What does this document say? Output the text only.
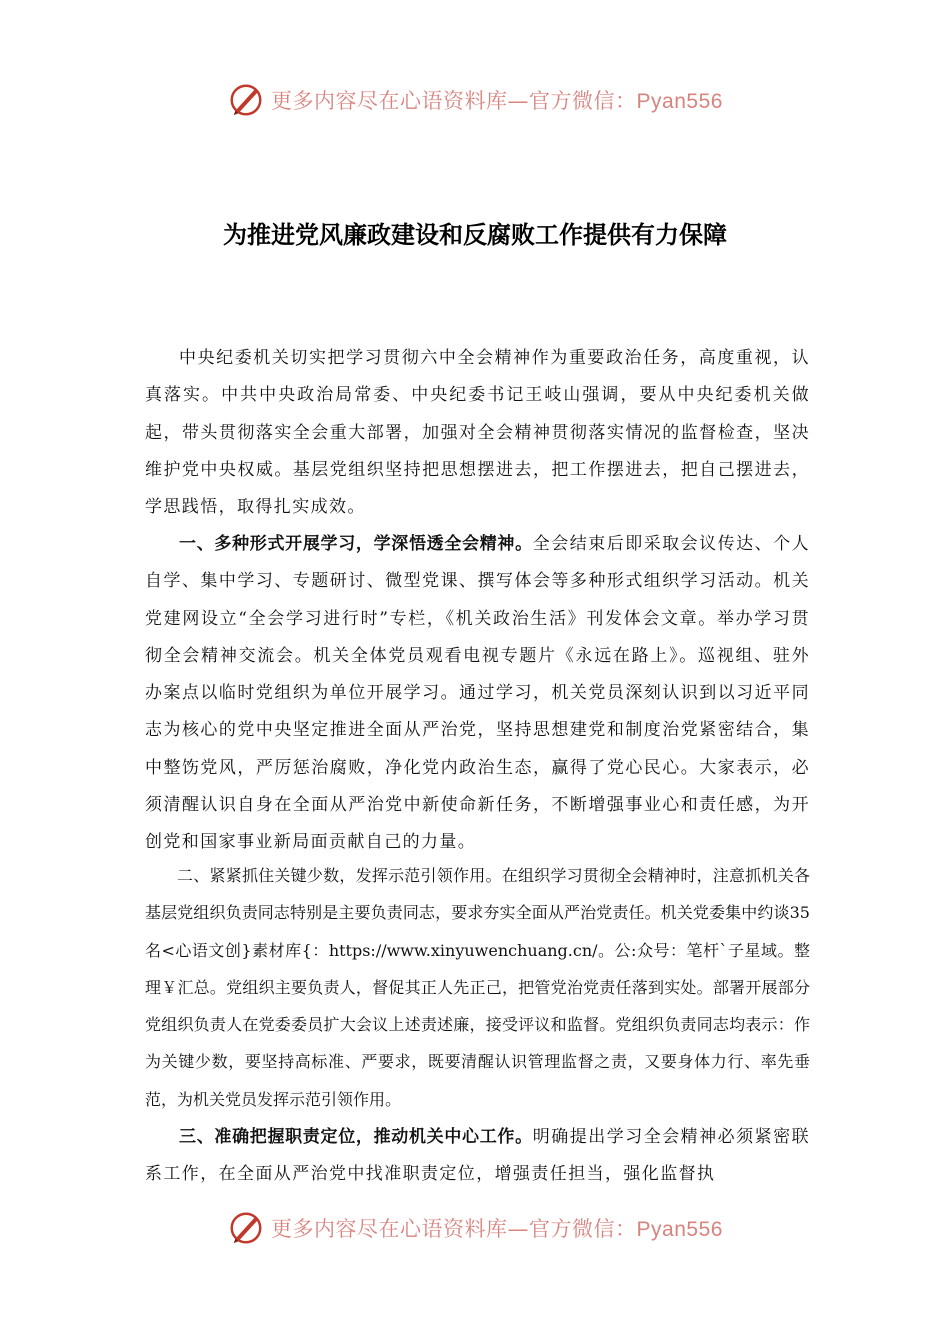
更多内容尽在心语资料库—官方微信：Pyan556
为推进党风廉政建设和反腐败工作提供有力保障

中央纪委机关切实把学习贯彻六中全会精神作为重要政治任务，高度重视，认真落实。中共中央政治局常委、中央纪委书记王岐山强调，要从中央纪委机关做起，带头贯彻落实全会重大部署，加强对全会精神贯彻落实情况的监督检查，坚决维护党中央权威。基层党组织坚持把思想摆进去，把工作摆进去，把自己摆进去，学思践悟，取得扎实成效。

一、多种形式开展学习，学深悟透全会精神。全会结束后即采取会议传达、个人自学、集中学习、专题研讨、微型党课、撰写体会等多种形式组织学习活动。机关党建网设立“全会学习进行时”专栏，《机关政治生活》刊发体会文章。举办学习贯彻全会精神交流会。机关全体党员观看电视专题片《永远在路上》。巡视组、驻外办案点以临时党组织为单位开展学习。通过学习，机关党员深刻认识到以习近平同志为核心的党中央坚定推进全面从严治党，坚持思想建党和制度治党紧密结合，集中整饬党风，严厉惩治腐败，净化党内政治生态，赢得了党心民心。大家表示，必须清醒认识自身在全面从严治党中新使命新任务，不断增强事业心和责任感，为开创党和国家事业新局面贡献自己的力量。

二、紧紧抓住关键少数，发挥示范引领作用。在组织学习贯彻全会精神时，注意抓机关各基层党组织负责同志特别是主要负责同志，要求夯实全面从严治党责任。机关党委集中约谈35名<心语文创}素材库{：https://www.xinyuwenchuang.cn/。公:众号：笔杆`子星域。整理￥汇总。党组织主要负责人，督促其正人先正己，把管党治党责任落到实处。部署开展部分党组织负责人在党委委员扩大会议上述责述廉，接受评议和监督。党组织负责同志均表示：作为关键少数，要坚持高标准、严要求，既要清醒认识管理监督之责，又要身体力行、率先垂范，为机关党员发挥示范引领作用。

三、准确把握职责定位，推动机关中心工作。明确提出学习全会精神必须紧密联系工作，在全面从严治党中找准职责定位，增强责任担当，强化监督执

更多内容尽在心语资料库—官方微信：Pyan556
